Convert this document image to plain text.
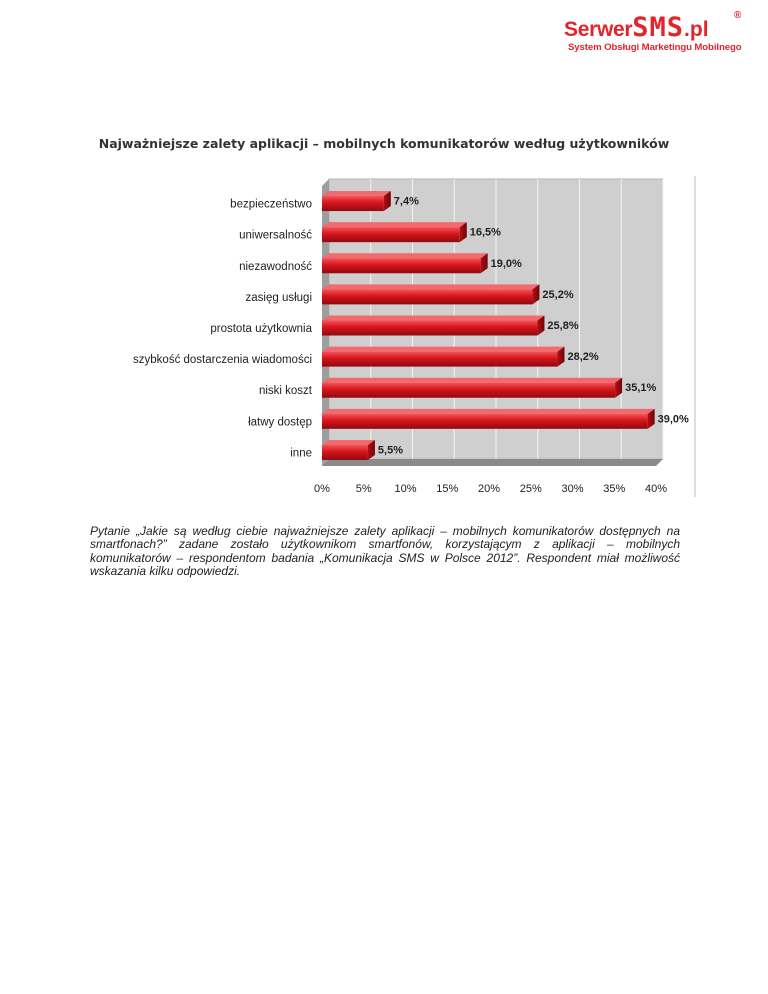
SerwerSMS.pl
®
System Obsługi Marketingu Mobilnego
Najważniejsze zalety aplikacji – mobilnych komunikatorów według użytkowników
0% 5% 10% 15% 20% 25% 30% 35% 40%
bezpieczeństwo	7,4%
uniwersalność	16,5%
niezawodność	19,0%
zasięg usługi	25,2%
prostota użytkownia	25,8%
szybkość dostarczenia wiadomości	28,2%
niski koszt	35,1%
łatwy dostęp	39,0%
inne	5,5%
Pytanie „Jakie są według ciebie najważniejsze zalety aplikacji – mobilnych komunikatorów dostępnych na smartfonach?” zadane zostało użytkownikom smartfonów, korzystającym z aplikacji – mobilnych komunikatorów – respondentom badania „Komunikacja SMS w Polsce 2012”. Respondent miał możliwość wskazania kilku odpowiedzi.
